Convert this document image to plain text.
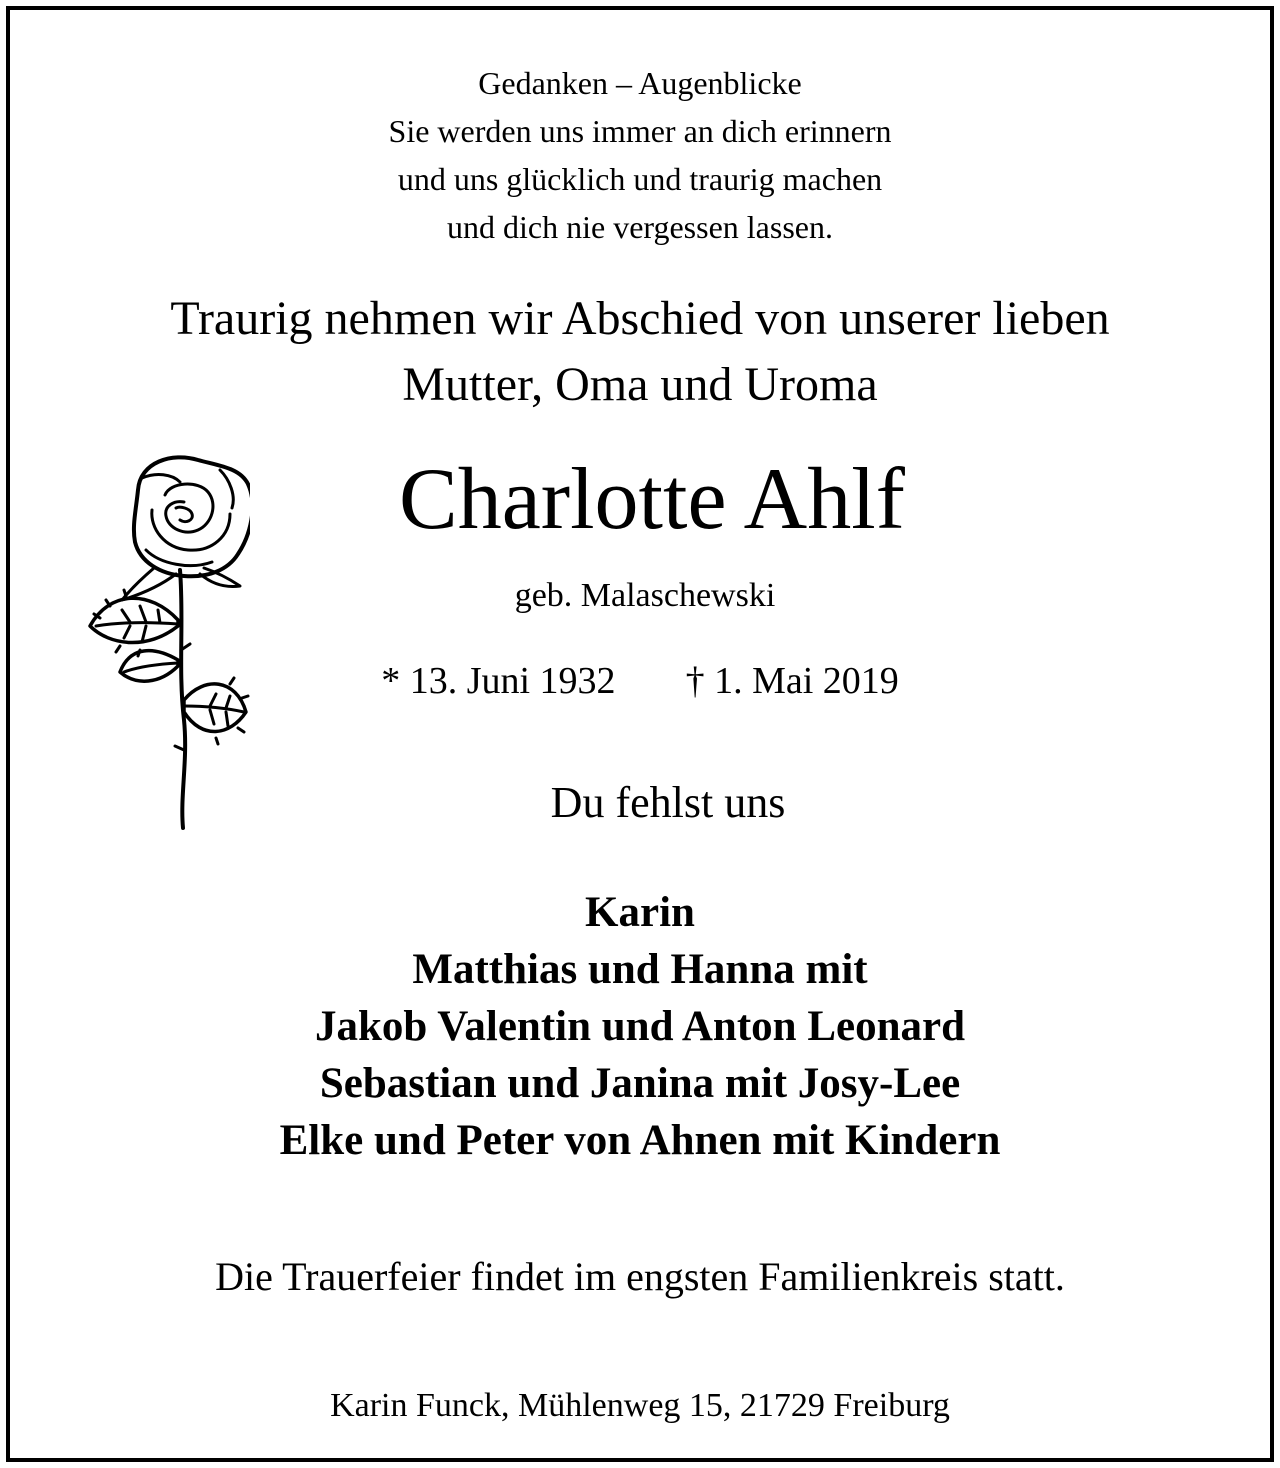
Gedanken – Augenblicke

Sie werden uns immer an dich erinnern

und uns glücklich und traurig machen

und dich nie vergessen lassen.

Traurig nehmen wir Abschied von unserer lieben

Mutter, Oma und Uroma

Charlotte Ahlf

geb. Malaschewski

* 13. Juni 1932 † 1. Mai 2019

Du fehlst uns

Karin

Matthias und Hanna mit

Jakob Valentin und Anton Leonard

Sebastian und Janina mit Josy-Lee

Elke und Peter von Ahnen mit Kindern

Die Trauerfeier findet im engsten Familienkreis statt.

Karin Funck, Mühlenweg 15, 21729 Freiburg
